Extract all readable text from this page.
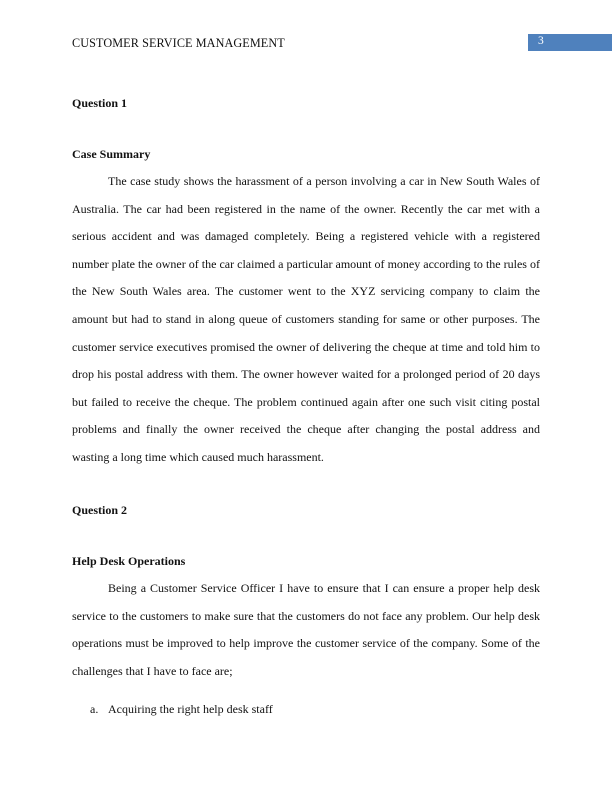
CUSTOMER SERVICE MANAGEMENT	3
Question 1
Case Summary

The case study shows the harassment of a person involving a car in New South Wales of Australia. The car had been registered in the name of the owner. Recently the car met with a serious accident and was damaged completely. Being a registered vehicle with a registered number plate the owner of the car claimed a particular amount of money according to the rules of the New South Wales area. The customer went to the XYZ servicing company to claim the amount but had to stand in along queue of customers standing for same or other purposes. The customer service executives promised the owner of delivering the cheque at time and told him to drop his postal address with them. The owner however waited for a prolonged period of 20 days but failed to receive the cheque. The problem continued again after one such visit citing postal problems and finally the owner received the cheque after changing the postal address and wasting a long time which caused much harassment.

Question 2
Help Desk Operations

Being a Customer Service Officer I have to ensure that I can ensure a proper help desk service to the customers to make sure that the customers do not face any problem. Our help desk operations must be improved to help improve the customer service of the company. Some of the challenges that I have to face are;

a. Acquiring the right help desk staff
